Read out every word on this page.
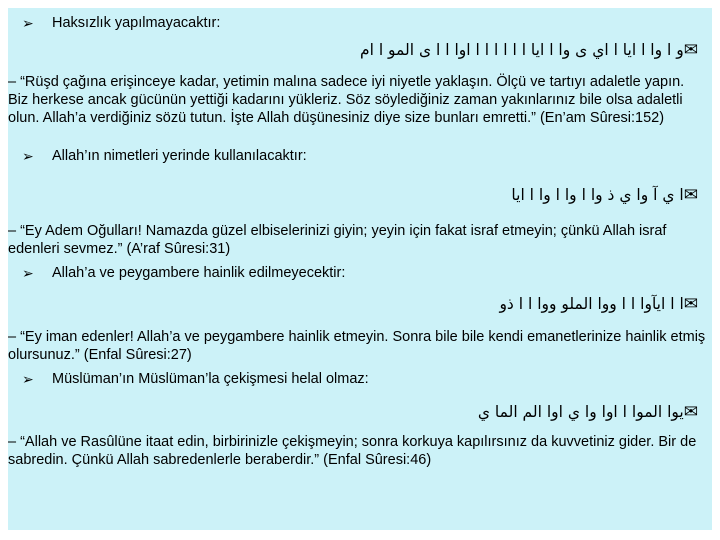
➢	Haksızlık yapılmayacaktır:
✉و ا وا ا ايا ا اي ى وا ا ايا ا ا ا ا ا ا اوا ا ا ى المو ا ام
– “Rüşd çağına erişinceye kadar, yetimin malına sadece iyi niyetle yaklaşın. Ölçü ve tartıyı adaletle yapın. Biz herkese ancak gücünün yettiği kadarını yükleriz. Söz söylediğiniz zaman yakınlarınız bile olsa adaletli olun. Allah’a verdiğiniz sözü tutun. İşte Allah düşünesiniz diye size bunları emretti.” (En’am Sûresi:152)
➢	Allah’ın nimetleri yerinde kullanılacaktır:
✉ا ي آ وا ي ذ وا ا وا ا وا ا ايا
– “Ey Adem Oğulları! Namazda güzel elbiselerinizi giyin; yeyin için fakat israf etmeyin; çünkü Allah israf edenleri sevmez.” (A’raf Sûresi:31)
➢	Allah’a ve peygambere hainlik edilmeyecektir:
✉ا ا ايآوا ا ا ووا الملو ووا ا ا ذو
– “Ey iman edenler! Allah’a ve peygambere hainlik etmeyin. Sonra bile bile kendi emanetlerinize hainlik etmiş olursunuz.” (Enfal Sûresi:27)
➢	Müslüman’ın Müslüman’la çekişmesi helal olmaz:
✉يوا الموا ا اوا وا ي اوا الم الما ي
– “Allah ve Rasûlüne itaat edin, birbirinizle çekişmeyin; sonra korkuya kapılırsınız da kuvvetiniz gider. Bir de sabredin. Çünkü Allah sabredenlerle beraberdir.” (Enfal Sûresi:46)
